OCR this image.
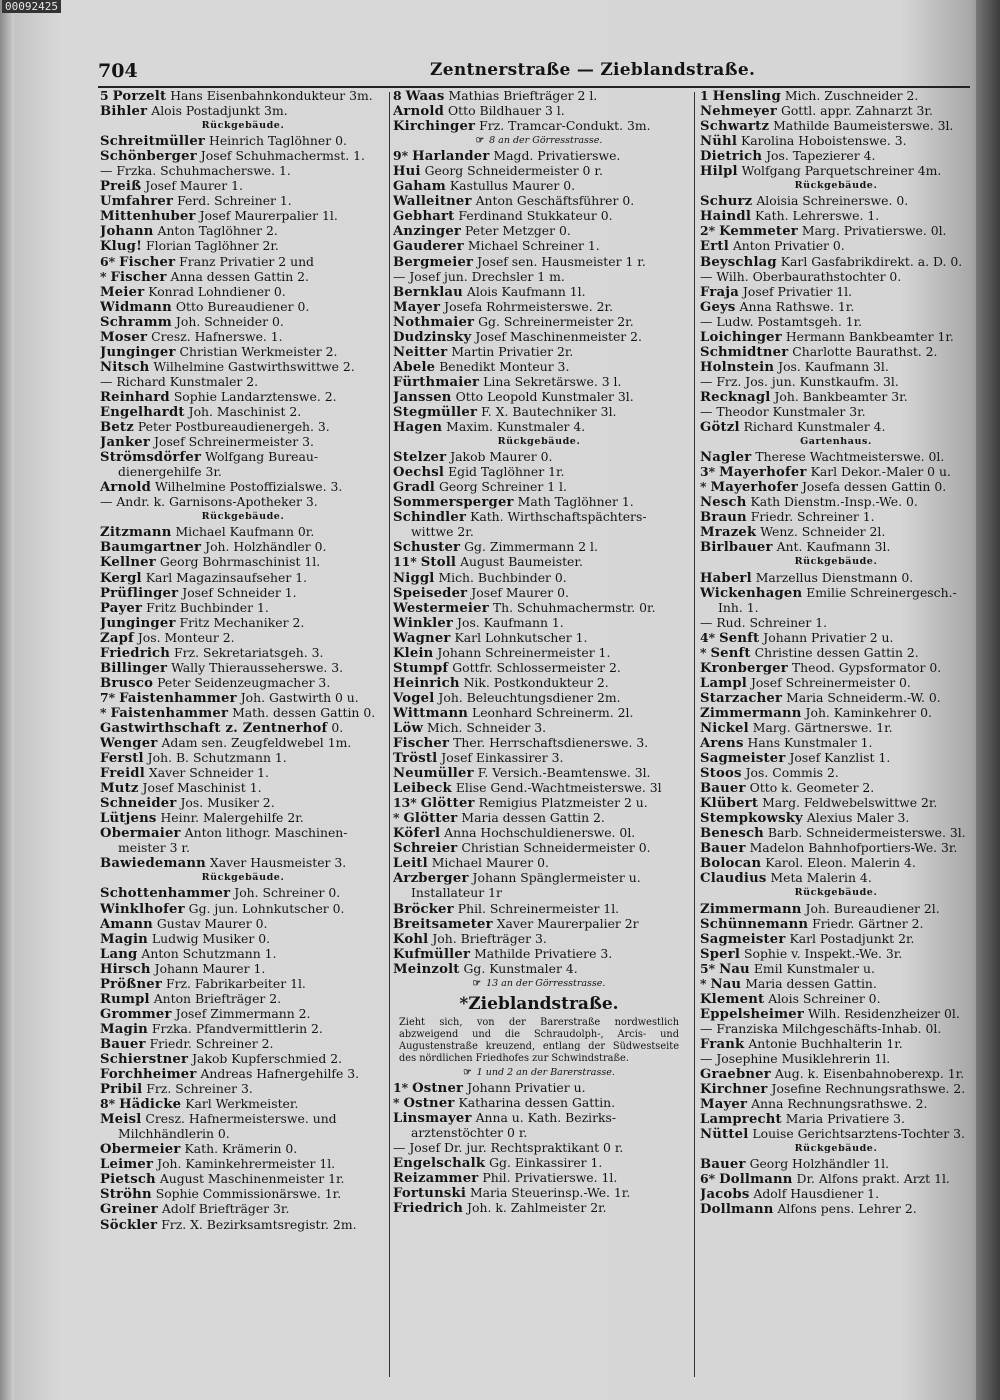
00092425
704	Zentnerstraße — Zieblandstraße.
5 Porzelt Hans Eisenbahnkondukteur 3m.
Bihler Alois Postadjunkt 3m.
Rückgebäude.
Schreitmüller Heinrich Taglöhner 0.
Schönberger Josef Schuhmachermst. 1.
— Frzka. Schuhmacherswe. 1.
Preiß Josef Maurer 1.
Umfahrer Ferd. Schreiner 1.
Mittenhuber Josef Maurerpalier 1l.
Johann Anton Taglöhner 2.
Klug! Florian Taglöhner 2r.
6* Fischer Franz Privatier 2 und
* Fischer Anna dessen Gattin 2.
Meier Konrad Lohndiener 0.
Widmann Otto Bureaudiener 0.
Schramm Joh. Schneider 0.
Moser Cresz. Hafnerswe. 1.
Junginger Christian Werkmeister 2.
Nitsch Wilhelmine Gastwirthswittwe 2.
— Richard Kunstmaler 2.
Reinhard Sophie Landarztenswe. 2.
Engelhardt Joh. Maschinist 2.
Betz Peter Postbureaudienergeh. 3.
Janker Josef Schreinermeister 3.
Strömsdörfer Wolfgang Bureau-
dienergehilfe 3r.
Arnold Wilhelmine Postoffizialswe. 3.
— Andr. k. Garnisons-Apotheker 3.
Rückgebäude.
Zitzmann Michael Kaufmann 0r.
Baumgartner Joh. Holzhändler 0.
Kellner Georg Bohrmaschinist 1l.
Kergl Karl Magazinsaufseher 1.
Prüflinger Josef Schneider 1.
Payer Fritz Buchbinder 1.
Junginger Fritz Mechaniker 2.
Zapf Jos. Monteur 2.
Friedrich Frz. Sekretariatsgeh. 3.
Billinger Wally Thierausseherswe. 3.
Brusco Peter Seidenzeugmacher 3.
7* Faistenhammer Joh. Gastwirth 0 u.
* Faistenhammer Math. dessen Gattin 0.
Gastwirthschaft z. Zentnerhof 0.
Wenger Adam sen. Zeugfeldwebel 1m.
Ferstl Joh. B. Schutzmann 1.
Freidl Xaver Schneider 1.
Mutz Josef Maschinist 1.
Schneider Jos. Musiker 2.
Lütjens Heinr. Malergehilfe 2r.
Obermaier Anton lithogr. Maschinen-
meister 3 r.
Bawiedemann Xaver Hausmeister 3.
Rückgebäude.
Schottenhammer Joh. Schreiner 0.
Winklhofer Gg. jun. Lohnkutscher 0.
Amann Gustav Maurer 0.
Magin Ludwig Musiker 0.
Lang Anton Schutzmann 1.
Hirsch Johann Maurer 1.
Prößner Frz. Fabrikarbeiter 1l.
Rumpl Anton Briefträger 2.
Grommer Josef Zimmermann 2.
Magin Frzka. Pfandvermittlerin 2.
Bauer Friedr. Schreiner 2.
Schierstner Jakob Kupferschmied 2.
Forchheimer Andreas Hafnergehilfe 3.
Pribil Frz. Schreiner 3.
8* Hädicke Karl Werkmeister.
Meisl Cresz. Hafnermeisterswe. und
Milchhändlerin 0.
Obermeier Kath. Krämerin 0.
Leimer Joh. Kaminkehrermeister 1l.
Pietsch August Maschinenmeister 1r.
Ströhn Sophie Commissionärswe. 1r.
Greiner Adolf Briefträger 3r.
Söckler Frz. X. Bezirksamtsregistr. 2m.
8 Waas Mathias Briefträger 2 l.
Arnold Otto Bildhauer 3 l.
Kirchinger Frz. Tramcar-Condukt. 3m.
☞ 8 an der Görresstrasse.
9* Harlander Magd. Privatierswe.
Hui Georg Schneidermeister 0 r.
Gaham Kastullus Maurer 0.
Walleitner Anton Geschäftsführer 0.
Gebhart Ferdinand Stukkateur 0.
Anzinger Peter Metzger 0.
Gauderer Michael Schreiner 1.
Bergmeier Josef sen. Hausmeister 1 r.
— Josef jun. Drechsler 1 m.
Bernklau Alois Kaufmann 1l.
Mayer Josefa Rohrmeisterswe. 2r.
Nothmaier Gg. Schreinermeister 2r.
Dudzinsky Josef Maschinenmeister 2.
Neitter Martin Privatier 2r.
Abele Benedikt Monteur 3.
Fürthmaier Lina Sekretärswe. 3 l.
Janssen Otto Leopold Kunstmaler 3l.
Stegmüller F. X. Bautechniker 3l.
Hagen Maxim. Kunstmaler 4.
Rückgebäude.
Stelzer Jakob Maurer 0.
Oechsl Egid Taglöhner 1r.
Gradl Georg Schreiner 1 l.
Sommersperger Math Taglöhner 1.
Schindler Kath. Wirthschaftspächters-
wittwe 2r.
Schuster Gg. Zimmermann 2 l.
11* Stoll August Baumeister.
Niggl Mich. Buchbinder 0.
Speiseder Josef Maurer 0.
Westermeier Th. Schuhmachermstr. 0r.
Winkler Jos. Kaufmann 1.
Wagner Karl Lohnkutscher 1.
Klein Johann Schreinermeister 1.
Stumpf Gottfr. Schlossermeister 2.
Heinrich Nik. Postkondukteur 2.
Vogel Joh. Beleuchtungsdiener 2m.
Wittmann Leonhard Schreinerm. 2l.
Löw Mich. Schneider 3.
Fischer Ther. Herrschaftsdienerswe. 3.
Tröstl Josef Einkassirer 3.
Neumüller F. Versich.-Beamtenswe. 3l.
Leibeck Elise Gend.-Wachtmeisterswe. 3l
13* Glötter Remigius Platzmeister 2 u.
* Glötter Maria dessen Gattin 2.
Köferl Anna Hochschuldienerswe. 0l.
Schreier Christian Schneidermeister 0.
Leitl Michael Maurer 0.
Arzberger Johann Spänglermeister u.
Installateur 1r
Bröcker Phil. Schreinermeister 1l.
Breitsameter Xaver Maurerpalier 2r
Kohl Joh. Briefträger 3.
Kufmüller Mathilde Privatiere 3.
Meinzolt Gg. Kunstmaler 4.
☞ 13 an der Görresstrasse.
*Zieblandstraße.
Zieht sich, von der Barerstraße nordwestlich abzweigend und die Schraudolph-, Arcis- und Augustenstraße kreuzend, entlang der Südwestseite des nördlichen Friedhofes zur Schwindstraße.
☞ 1 und 2 an der Barerstrasse.
1* Ostner Johann Privatier u.
* Ostner Katharina dessen Gattin.
Linsmayer Anna u. Kath. Bezirks-
arztenstöchter 0 r.
— Josef Dr. jur. Rechtspraktikant 0 r.
Engelschalk Gg. Einkassirer 1.
Reizammer Phil. Privatierswe. 1l.
Fortunski Maria Steuerinsp.-We. 1r.
Friedrich Joh. k. Zahlmeister 2r.
1 Hensling Mich. Zuschneider 2.
Nehmeyer Gottl. appr. Zahnarzt 3r.
Schwartz Mathilde Baumeisterswe. 3l.
Nühl Karolina Hoboistenswe. 3.
Dietrich Jos. Tapezierer 4.
Hilpl Wolfgang Parquetschreiner 4m.
Rückgebäude.
Schurz Aloisia Schreinerswe. 0.
Haindl Kath. Lehrerswe. 1.
2* Kemmeter Marg. Privatierswe. 0l.
Ertl Anton Privatier 0.
Beyschlag Karl Gasfabrikdirekt. a. D. 0.
— Wilh. Oberbaurathstochter 0.
Fraja Josef Privatier 1l.
Geys Anna Rathswe. 1r.
— Ludw. Postamtsgeh. 1r.
Loichinger Hermann Bankbeamter 1r.
Schmidtner Charlotte Baurathst. 2.
Holnstein Jos. Kaufmann 3l.
— Frz. Jos. jun. Kunstkaufm. 3l.
Recknagl Joh. Bankbeamter 3r.
— Theodor Kunstmaler 3r.
Götzl Richard Kunstmaler 4.
Gartenhaus.
Nagler Therese Wachtmeisterswe. 0l.
3* Mayerhofer Karl Dekor.-Maler 0 u.
* Mayerhofer Josefa dessen Gattin 0.
Nesch Kath Dienstm.-Insp.-We. 0.
Braun Friedr. Schreiner 1.
Mrazek Wenz. Schneider 2l.
Birlbauer Ant. Kaufmann 3l.
Rückgebäude.
Haberl Marzellus Dienstmann 0.
Wickenhagen Emilie Schreinergesch.-
Inh. 1.
— Rud. Schreiner 1.
4* Senft Johann Privatier 2 u.
* Senft Christine dessen Gattin 2.
Kronberger Theod. Gypsformator 0.
Lampl Josef Schreinermeister 0.
Starzacher Maria Schneiderm.-W. 0.
Zimmermann Joh. Kaminkehrer 0.
Nickel Marg. Gärtnerswe. 1r.
Arens Hans Kunstmaler 1.
Sagmeister Josef Kanzlist 1.
Stoos Jos. Commis 2.
Bauer Otto k. Geometer 2.
Klübert Marg. Feldwebelswittwe 2r.
Stempkowsky Alexius Maler 3.
Benesch Barb. Schneidermeisterswe. 3l.
Bauer Madelon Bahnhofportiers-We. 3r.
Bolocan Karol. Eleon. Malerin 4.
Claudius Meta Malerin 4.
Rückgebäude.
Zimmermann Joh. Bureaudiener 2l.
Schünnemann Friedr. Gärtner 2.
Sagmeister Karl Postadjunkt 2r.
Sperl Sophie v. Inspekt.-We. 3r.
5* Nau Emil Kunstmaler u.
* Nau Maria dessen Gattin.
Klement Alois Schreiner 0.
Eppelsheimer Wilh. Residenzheizer 0l.
— Franziska Milchgeschäfts-Inhab. 0l.
Frank Antonie Buchhalterin 1r.
— Josephine Musiklehrerin 1l.
Graebner Aug. k. Eisenbahnoberexp. 1r.
Kirchner Josefine Rechnungsrathswe. 2.
Mayer Anna Rechnungsrathswe. 2.
Lamprecht Maria Privatiere 3.
Nüttel Louise Gerichtsarztens-Tochter 3.
Rückgebäude.
Bauer Georg Holzhändler 1l.
6* Dollmann Dr. Alfons prakt. Arzt 1l.
Jacobs Adolf Hausdiener 1.
Dollmann Alfons pens. Lehrer 2.
